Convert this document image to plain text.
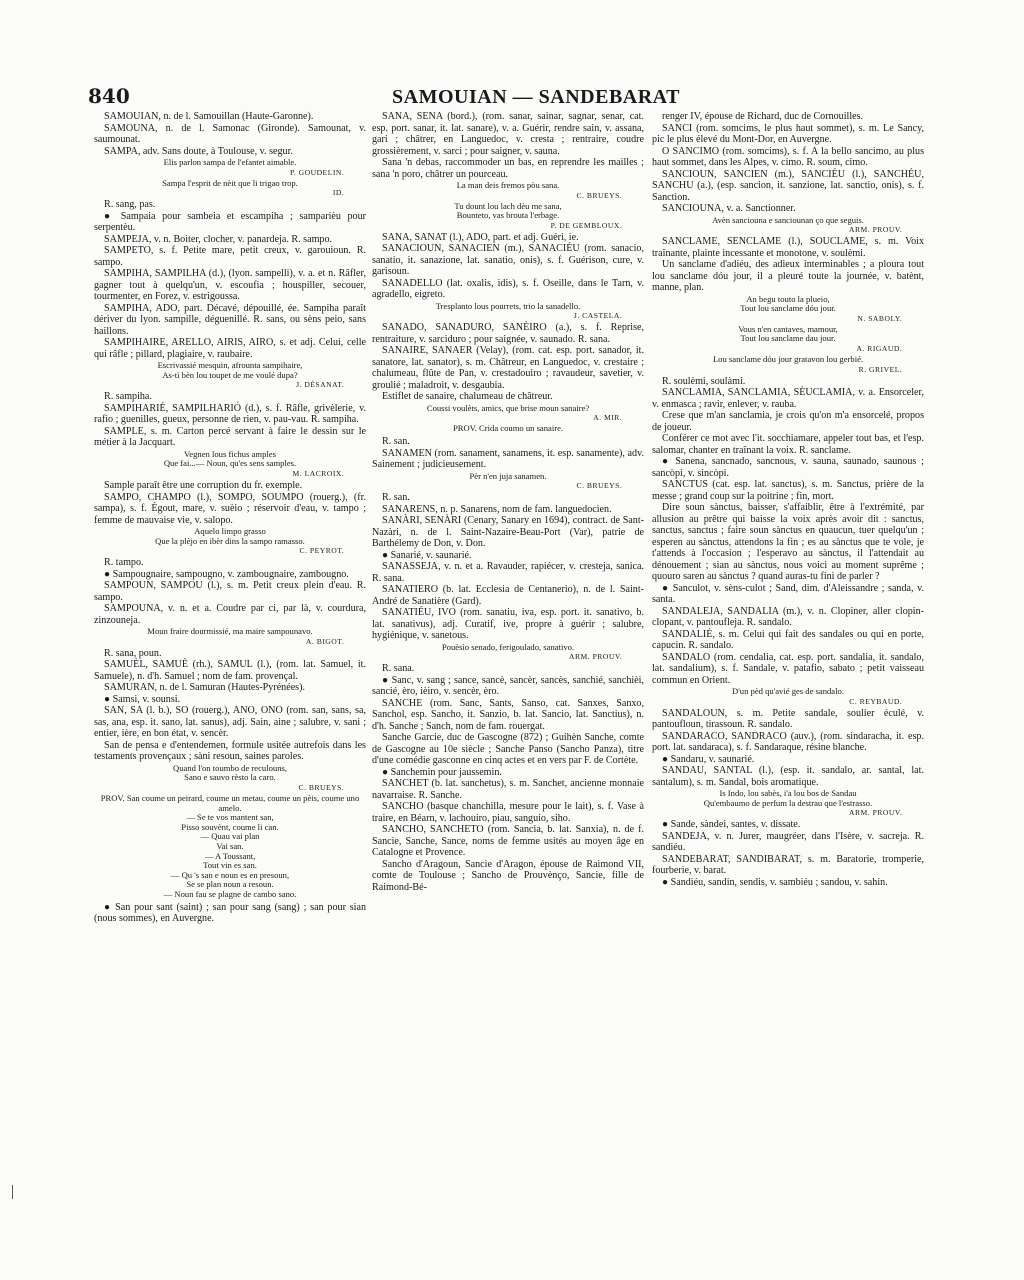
840	SAMOUIAN — SANDEBARAT

SAMOUIAN, n. de l. Samouillan (Haute-Garonne).

SAMOUNA, n. de l. Samonac (Gironde). Samounat, v. saumounat.

SAMPA, adv. Sans doute, à Toulouse, v. segur.

Elis parlon sampa de l'efantet aimable.
P. GOUDELIN.
Sampa l'esprit de nèit que li trigao trop.
ID.

R. sang, pas.

● Sampaia pour sambeia et escampiha ; samparièu pour serpentèu.

SAMPEJA, v. n. Boiter, clocher, v. panardeja. R. sampo.

SAMPETO, s. f. Petite mare, petit creux, v. garouioun. R. sampo.

SAMPIHA, SAMPILHA (d.), (lyon. sampelli), v. a. et n. Râfler, gagner tout à quelqu'un, v. escoufia ; houspiller, secouer, tourmenter, en Forez, v. estrigoussa.

SAMPIHA, ADO, part. Décavé, dépouillé, ée. Sampiha paraît dériver du lyon. sampille, déguenillé. R. sans, ou sèns peio, sans haillons.

SAMPIHAIRE, ARELLO, AIRIS, AIRO, s. et adj. Celui, celle qui râfle ; pillard, plagiaire, v. raubaire.

Escrivassié mesquin, afrounta sampihaire,
As-tì bèn lou toupet de me voulé dupa?
J. DÉSANAT.

R. sampiha.

SAMPIHARIÉ, SAMPILHARIÓ (d.), s. f. Râfle, grivèlerie, v. rafìo ; guenilles, gueux, personne de rien, v. pau-vau. R. sampiha.

SAMPLE, s. m. Carton percé servant à faire le dessin sur le métier à la Jacquart.

Vegnen lous fichus amples
Que fai...— Noun, qu'es sens samples.
M. LACROIX.

Sample paraît être une corruption du fr. exemple.

SAMPO, CHAMPO (l.), SOMPO, SOUMPO (rouerg.), (fr. sampa), s. f. Égout, mare, v. suèio ; réservoir d'eau, v. tampo ; femme de mauvaise vie, v. salopo.

Aquelo limpo grasso
Que la plèjo en ibèr dins la sampo ramasso.
C. PEYROT.

R. tampo.

● Sampougnaire, sampougno, v. zambougnaire, zambougno.

SAMPOUN, SAMPOU (l.), s. m. Petit creux plein d'eau. R. sampo.

SAMPOUNA, v. n. et a. Coudre par ci, par là, v. courdura, zinzouneja.

Moun fraire dourmissié, ma maire sampounavo.
A. BIGOT.

R. sana, poun.

SAMUÈL, SAMUÈ (rh.), SAMUL (l.), (rom. lat. Samuel, it. Samuele), n. d'h. Samuel ; nom de fam. provençal.

SAMURAN, n. de l. Samuran (Hautes-Pyrénées).

● Samsi, v. sounsi.

SAN, SA (l. b.), SO (rouerg.), ANO, ONO (rom. san, sans, sa, sas, ana, esp. it. sano, lat. sanus), adj. Sain, aine ; salubre, v. sani ; entier, ière, en bon état, v. sencèr.

San de pensa e d'entendemen, formule usitée autrefois dans les testaments provençaux ; sàni resoun, saines paroles.

Quand l'on toumbo de reculouns,
Sano e sauvo rèsto la caro.
C. BRUEYS.
PROV. San coume un peirard, coume un metau, coume un pèis, coume uno amelo.
— Se te vos mantent san,
Pisso souvènt, coume li can.
— Quau vai plan
Vai san.
— A Toussant,
Tout vin es san.
— Qu 's san e noun es en presoun,
Se se plan noun a resoun.
— Noun fau se plagne de cambo sano.

● San pour sant (saint) ; san pour sang (sang) ; san pour sian (nous sommes), en Auvergne.

SANA, SENA (bord.), (rom. sanar, sainar, sagnar, senar, cat. esp. port. sanar, it. lat. sanare), v. a. Guérir, rendre sain, v. assana, gari ; châtrer, en Languedoc, v. cresta ; rentraire, coudre grossièrement, v. sarci ; pour saigner, v. sauna.

Sana 'n debas, raccommoder un bas, en reprendre les mailles ; sana 'n poro, châtrer un pourceau.

La man deis fremos pòu sana.
C. BRUEYS.
Tu dount lou lach dèu me sana,
Bounteto, vas brouta l'erbage.
P. DE GEMBLOUX.

SANA, SANAT (l.), ADO, part. et adj. Guéri, ie.

SANACIOUN, SANACIEN (m.), SANACIÉU (rom. sanacio, sanatio, it. sanazione, lat. sanatio, onis), s. f. Guérison, cure, v. garisoun.

SANADELLO (lat. oxalis, idis), s. f. Oseille, dans le Tarn, v. agradello, eigreto.

Tresplanto lous pourrets, trio la sanadello.
J. CASTELA.

SANADO, SANADURO, SANÈIRO (a.), s. f. Reprise, rentraiture, v. sarciduro ; pour saignée, v. saunado. R. sana.

SANAIRE, SANAER (Velay), (rom. cat. esp. port. sanador, it. sanatore, lat. sanator), s. m. Châtreur, en Languedoc, v. crestaire ; chalumeau, flûte de Pan, v. crestadouiro ; ravaudeur, savetier, v. groulié ; maladroit, v. desgaubia.

Estiflet de sanaire, chalumeau de châtreur.

Coussi voulèts, amics, que brise moun sanaire?
A. MIR.
PROV. Crida coumo un sanaire.

R. san.

SANAMEN (rom. sanament, sanamens, it. esp. sanamente), adv. Sainement ; judicieusement.

Pèr n'en juja sanamen.
C. BRUEYS.

R. san.

SANARENS, n. p. Sanarens, nom de fam. languedocien.

SANÀRI, SENÀRI (Cenary, Sanary en 1694), contract. de Sant-Nazàri, n. de l. Saint-Nazaire-Beau-Port (Var), patrie de Barthélemy de Don, v. Don.

● Sanarié, v. saunarié.

SANASSEJA, v. n. et a. Ravauder, rapiécer, v. cresteja, sanica. R. sana.

SANATIERO (b. lat. Ecclesia de Centanerio), n. de l. Saint-André de Sanatière (Gard).

SANATIÉU, IVO (rom. sanatiu, iva, esp. port. it. sanativo, b. lat. sanativus), adj. Curatif, ive, propre à guérir ; salubre, hygiénique, v. sanetous.

Pouèsìo senado, ferigoulado, sanativo.
ARM. PROUV.

R. sana.

● Sanc, v. sang ; sance, sancè, sancèr, sancès, sanchié, sanchièi, sancié, èro, ièiro, v. sencèr, èro.

SANCHE (rom. Sanc, Sants, Sanso, cat. Sanxes, Sanxo, Sanchol, esp. Sancho, it. Sanzio, b. lat. Sancio, lat. Sanctius), n. d'h. Sanche ; Sanch, nom de fam. rouergat.

Sanche Garcie, duc de Gascogne (872) ; Guihèn Sanche, comte de Gascogne au 10e siècle ; Sanche Panso (Sancho Panza), titre d'une comédie gasconne en cinq actes et en vers par F. de Cortète.

● Sanchemin pour jaussemin.

SANCHET (b. lat. sanchetus), s. m. Sanchet, ancienne monnaie navarraise. R. Sanche.

SANCHO (basque chanchilla, mesure pour le lait), s. f. Vase à traire, en Béarn, v. lachouiro, piau, sanguio, siho.

SANCHO, SANCHETO (rom. Sancia, b. lat. Sanxia), n. de f. Sancie, Sanche, Sance, noms de femme usités au moyen âge en Catalogne et Provence.

Sancho d'Aragoun, Sancie d'Aragon, épouse de Raimond VII, comte de Toulouse ; Sancho de Prouvènço, Sancie, fille de Raimond-Bé-

renger IV, épouse de Richard, duc de Cornouilles.

SANCI (rom. somcims, le plus haut sommet), s. m. Le Sancy, pic le plus élevé du Mont-Dor, en Auvergne.

O SANCIMO (rom. somcims), s. f. A la bello sancimo, au plus haut sommet, dans les Alpes, v. cimo. R. soum, cimo.

SANCIOUN, SANCIEN (m.), SANCIÉU (l.), SANCHÉU, SANCHU (a.), (esp. sancion, it. sanzione, lat. sanctio, onis), s. f. Sanction.

SANCIOUNA, v. a. Sanctionner.

Avèn sanciouna e sanciounan ço que seguis.
ARM. PROUV.

SANCLAME, SENCLAME (l.), SOUCLAME, s. m. Voix traînante, plainte incessante et monotone, v. soulèmi.

Un sanclame d'adiéu, des adieux interminables ; a ploura tout lou sanclame dóu jour, il a pleuré toute la journée, v. batènt, manne, plan.

An begu touto la plueio,
Tout lou sanclame dóu jour.
N. SABOLY.
Vous n'en cantaves, mamour,
Tout lou sanclame dau jour.
A. RIGAUD.
Lou sanclame dóu jour gratavon lou gerbié.
R. GRIVEL.

R. soulèmi, soulàmi.

SANCLAMIA, SANCLAMIA, SÈUCLAMIA, v. a. Ensorceler, v. enmasca ; ravir, enlever, v. rauba.

Crese que m'an sanclamia, je crois qu'on m'a ensorcelé, propos de joueur.

Conférer ce mot avec l'it. socchiamare, appeler tout bas, et l'esp. salomar, chanter en traînant la voix. R. sanclame.

● Sanena, sancnado, sancnous, v. sauna, saunado, saunous ; sancòpi, v. sincòpi.

SANCTUS (cat. esp. lat. sanctus), s. m. Sanctus, prière de la messe ; grand coup sur la poitrine ; fin, mort.

Dire soun sànctus, baisser, s'affaiblir, être à l'extrémité, par allusion au prêtre qui baisse la voix après avoir dit : sanctus, sanctus, sanctus ; faire soun sànctus en quaucun, tuer quelqu'un ; esperen au sànctus, attendons la fin ; es au sànctus que te vole, je t'attends à l'occasion ; l'esperavo au sànctus, il l'attendait au dénouement ; sian au sànctus, nous voici au moment suprême ; quouro saren au sànctus ? quand auras-tu fini de parler ?

● Sanculot, v. sèns-culot ; Sand, dim. d'Aleissandre ; sanda, v. santa.

SANDALEJA, SANDALIA (m.), v. n. Clopiner, aller clopin-clopant, v. pantoufleja. R. sandalo.

SANDALIÉ, s. m. Celui qui fait des sandales ou qui en porte, capucin. R. sandalo.

SANDALO (rom. cendalia, cat. esp. port. sandalia, it. sandalo, lat. sandalium), s. f. Sandale, v. patafio, sabato ; petit vaisseau commun en Orient.

D'un pèd qu'avié ges de sandalo.
C. REYBAUD.

SANDALOUN, s. m. Petite sandale, soulier éculé, v. pantoufloun, tirassoun. R. sandalo.

SANDARACO, SANDRACO (auv.), (rom. sindaracha, it. esp. port. lat. sandaraca), s. f. Sandaraque, résine blanche.

● Sandaru, v. saunarié.

SANDAU, SANTAL (l.), (esp. it. sandalo, ar. santal, lat. santalum), s. m. Sandal, bois aromatique.

Is Indo, lou sabès, i'a lou bos de Sandau
Qu'embaumo de perfum la destrau que l'estrasso.
ARM. PROUV.

● Sande, sàndei, santes, v. dissate.

SANDEJA, v. n. Jurer, maugréer, dans l'Isère, v. sacreja. R. sandiéu.

SANDEBARAT, SANDIBARAT, s. m. Baratorie, tromperie, fourberie, v. barat.

● Sandiéu, sandin, sendis, v. sambiéu ; sandou, v. sahin.
